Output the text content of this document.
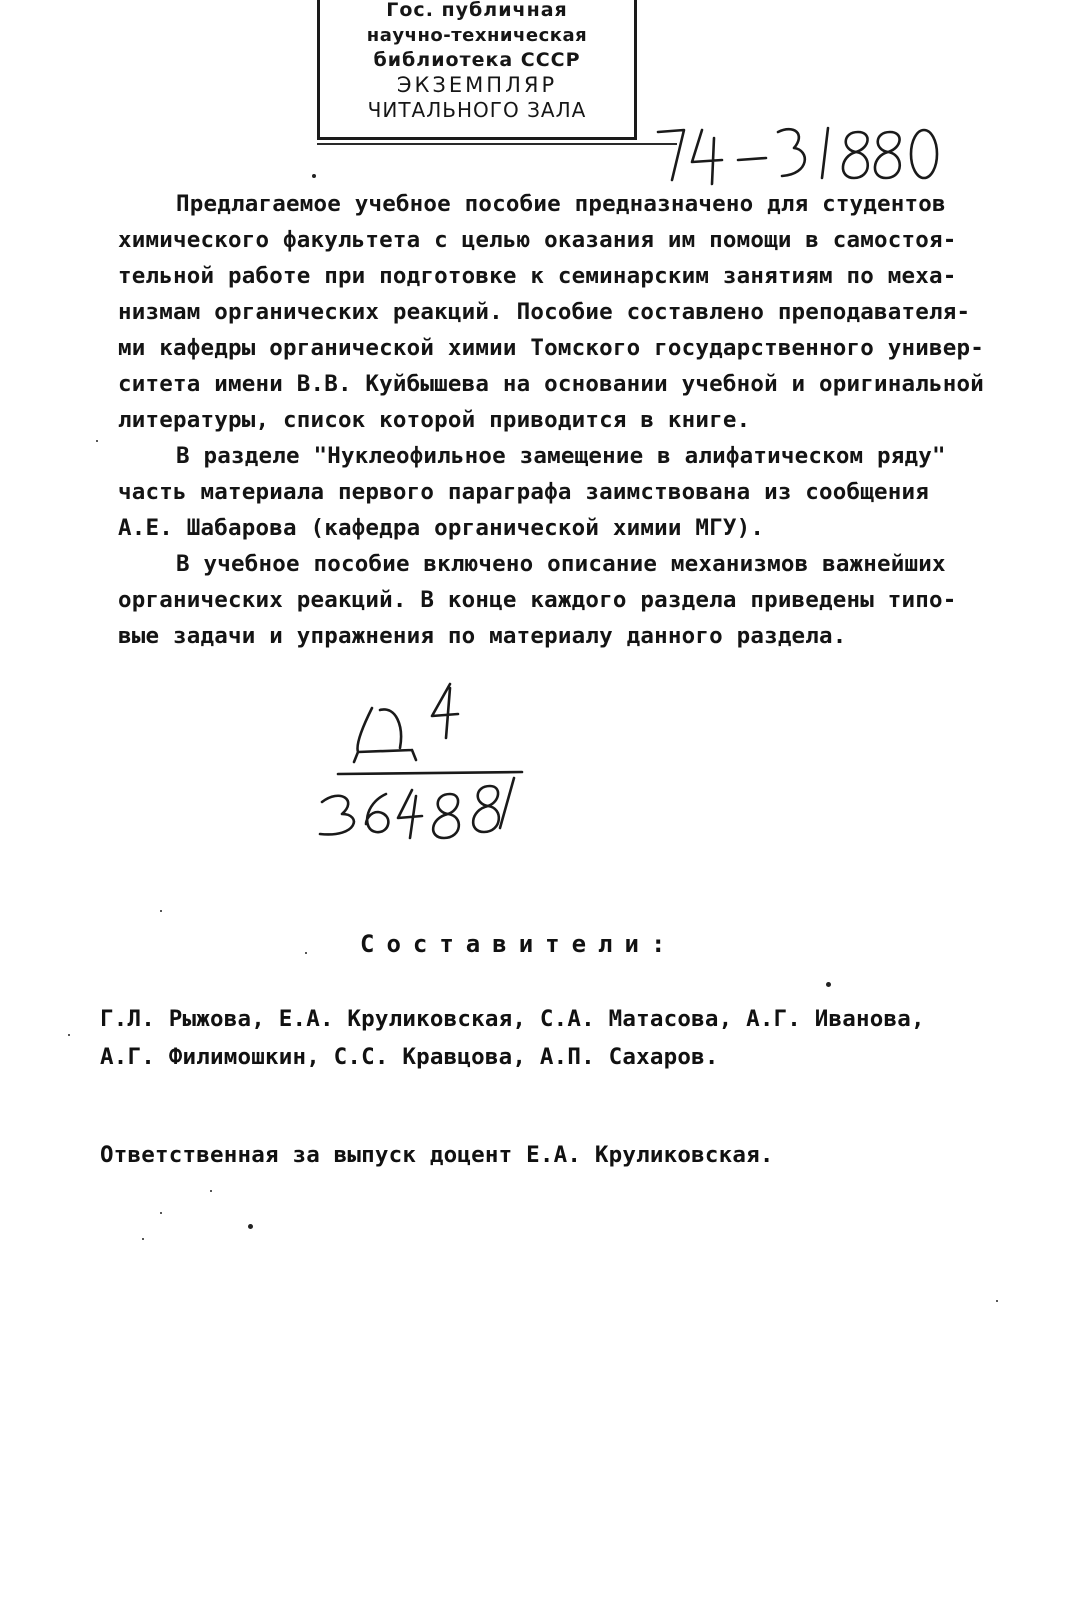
Гос. публичная
научно-техническая
библиотека СССР
ЭКЗЕМПЛЯР
ЧИТАЛЬНОГО ЗАЛА
Предлагаемое учебное пособие предназначено для студентов
химического факультета с целью оказания им помощи в самостоя-
тельной работе при подготовке к семинарским занятиям по меха-
низмам органических реакций. Пособие составлено преподавателя-
ми кафедры органической химии Томского государственного универ-
ситета имени В.В. Куйбышева на основании учебной и оригинальной
литературы, список которой приводится в книге.
В разделе "Нуклеофильное замещение в алифатическом ряду"
часть материала первого параграфа заимствована из сообщения
А.Е. Шабарова (кафедра органической химии МГУ).
В учебное пособие включено описание механизмов важнейших
органических реакций. В конце каждого раздела приведены типо-
вые задачи и упражнения по материалу данного раздела.
Составители:
Г.Л. Рыжова, Е.А. Круликовская, С.А. Матасова, А.Г. Иванова,
А.Г. Филимошкин, С.С. Кравцова, А.П. Сахаров.
Ответственная за выпуск доцент Е.А. Круликовская.
